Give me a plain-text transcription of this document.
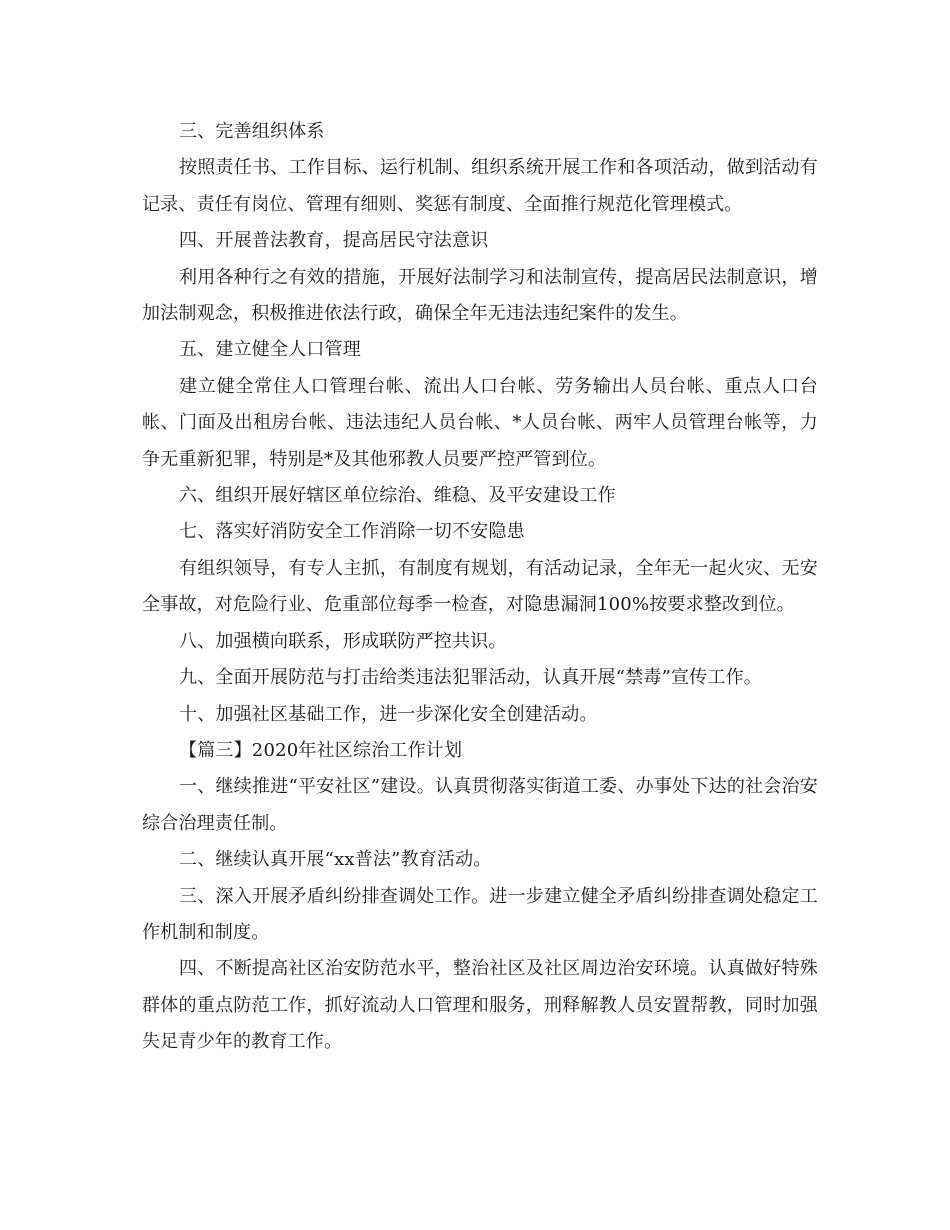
三、完善组织体系

按照责任书、工作目标、运行机制、组织系统开展工作和各项活动，做到活动有记录、责任有岗位、管理有细则、奖惩有制度、全面推行规范化管理模式。

四、开展普法教育，提高居民守法意识

利用各种行之有效的措施，开展好法制学习和法制宣传，提高居民法制意识，增加法制观念，积极推进依法行政，确保全年无违法违纪案件的发生。

五、建立健全人口管理

建立健全常住人口管理台帐、流出人口台帐、劳务输出人员台帐、重点人口台帐、门面及出租房台帐、违法违纪人员台帐、*人员台帐、两牢人员管理台帐等，力争无重新犯罪，特别是*及其他邪教人员要严控严管到位。

六、组织开展好辖区单位综治、维稳、及平安建设工作

七、落实好消防安全工作消除一切不安隐患

有组织领导，有专人主抓，有制度有规划，有活动记录，全年无一起火灾、无安全事故，对危险行业、危重部位每季一检查，对隐患漏洞100%按要求整改到位。

八、加强横向联系，形成联防严控共识。

九、全面开展防范与打击给类违法犯罪活动，认真开展“禁毒”宣传工作。

十、加强社区基础工作，进一步深化安全创建活动。

【篇三】2020年社区综治工作计划

一、继续推进“平安社区”建设。认真贯彻落实街道工委、办事处下达的社会治安综合治理责任制。

二、继续认真开展“xx普法”教育活动。

三、深入开展矛盾纠纷排查调处工作。进一步建立健全矛盾纠纷排查调处稳定工作机制和制度。

四、不断提高社区治安防范水平，整治社区及社区周边治安环境。认真做好特殊群体的重点防范工作，抓好流动人口管理和服务，刑释解教人员安置帮教，同时加强失足青少年的教育工作。
